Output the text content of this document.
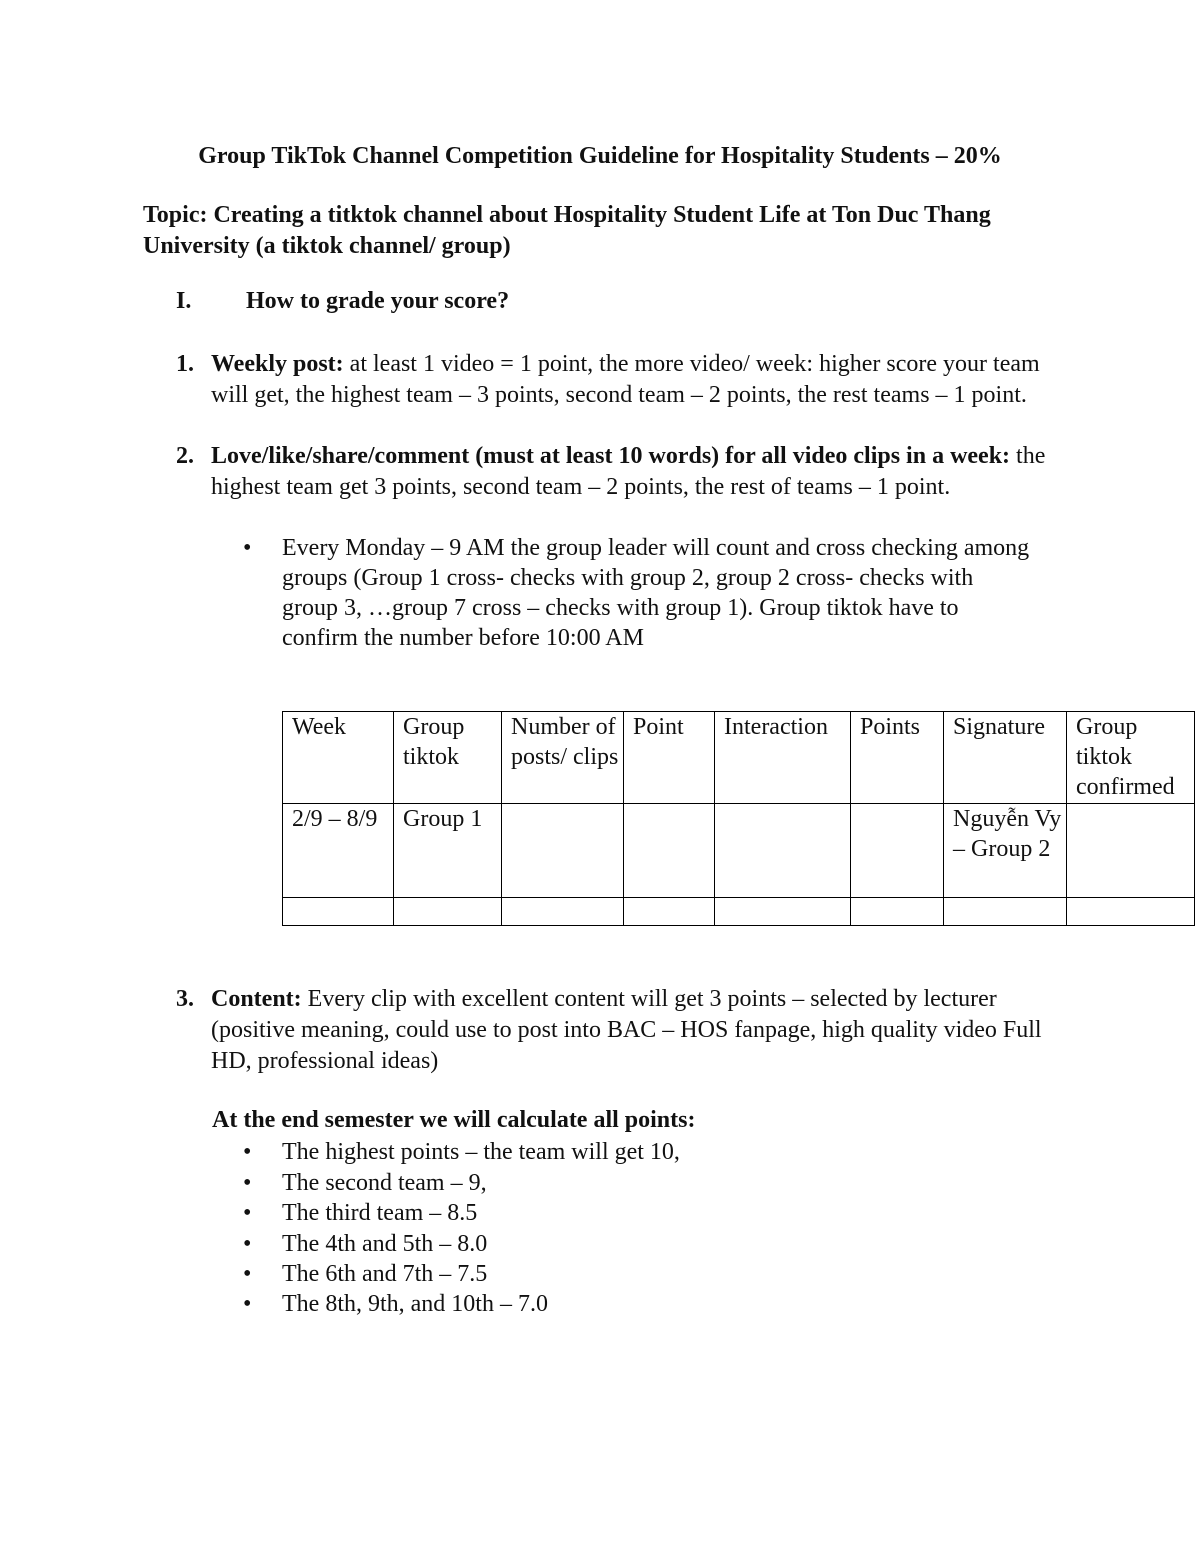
Group TikTok Channel Competition Guideline for Hospitality Students – 20%
Topic: Creating a titktok channel about Hospitality Student Life at Ton Duc Thang University (a tiktok channel/ group)
I. How to grade your score?
1. Weekly post: at least 1 video = 1 point, the more video/ week: higher score your team will get, the highest team – 3 points, second team – 2 points, the rest teams – 1 point.
2. Love/like/share/comment (must at least 10 words) for all video clips in a week: the highest team get 3 points, second team – 2 points, the rest of teams – 1 point.
• Every Monday – 9 AM the group leader will count and cross checking among groups (Group 1 cross- checks with group 2, group 2 cross- checks with group 3, …group 7 cross – checks with group 1). Group tiktok have to confirm the number before 10:00 AM
Week	Group tiktok	Number of posts/ clips	Point	Interaction	Points	Signature	Group tiktok confirmed
2/9 – 8/9	Group 1					Nguyễn Vy – Group 2	

3. Content: Every clip with excellent content will get 3 points – selected by lecturer (positive meaning, could use to post into BAC – HOS fanpage, high quality video Full HD, professional ideas)
At the end semester we will calculate all points:
• The highest points – the team will get 10,
• The second team – 9,
• The third team – 8.5
• The 4th and 5th – 8.0
• The 6th and 7th – 7.5
• The 8th, 9th, and 10th – 7.0
